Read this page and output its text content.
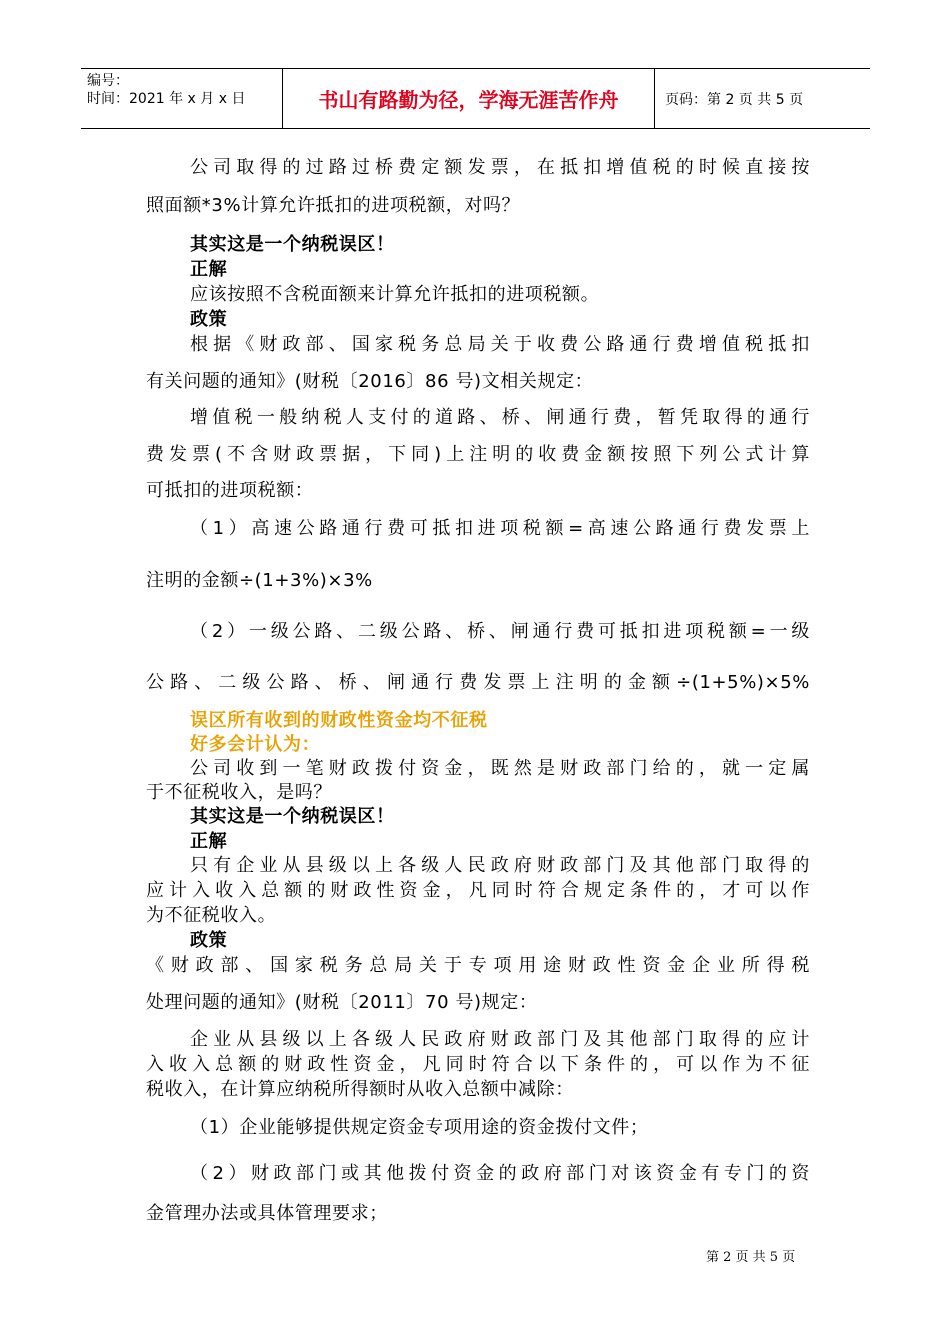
编号：
时间：2021 年 x 月 x 日	书山有路勤为径，学海无涯苦作舟	页码：第 2 页 共 5 页
公司取得的过路过桥费定额发票，在抵扣增值税的时候直接按
照面额*3%计算允许抵扣的进项税额，对吗？
其实这是一个纳税误区！
正解
应该按照不含税面额来计算允许抵扣的进项税额。
政策
根据《财政部、国家税务总局关于收费公路通行费增值税抵扣
有关问题的通知》(财税〔2016〕86 号)文相关规定：
增值税一般纳税人支付的道路、桥、闸通行费，暂凭取得的通行
费发票(不含财政票据，下同)上注明的收费金额按照下列公式计算
可抵扣的进项税额：
（1）高速公路通行费可抵扣进项税额=高速公路通行费发票上
注明的金额÷(1+3%)×3%
（2）一级公路、二级公路、桥、闸通行费可抵扣进项税额=一级
公路、二级公路、桥、闸通行费发票上注明的金额÷(1+5%)×5%
误区所有收到的财政性资金均不征税
好多会计认为：
公司收到一笔财政拨付资金，既然是财政部门给的，就一定属
于不征税收入，是吗？
其实这是一个纳税误区！
正解
只有企业从县级以上各级人民政府财政部门及其他部门取得的
应计入收入总额的财政性资金，凡同时符合规定条件的，才可以作
为不征税收入。
政策
《财政部、国家税务总局关于专项用途财政性资金企业所得税
处理问题的通知》(财税〔2011〕70 号)规定：
企业从县级以上各级人民政府财政部门及其他部门取得的应计
入收入总额的财政性资金，凡同时符合以下条件的，可以作为不征
税收入，在计算应纳税所得额时从收入总额中减除：
（1）企业能够提供规定资金专项用途的资金拨付文件；
（2）财政部门或其他拨付资金的政府部门对该资金有专门的资
金管理办法或具体管理要求；
第 2 页 共 5 页
